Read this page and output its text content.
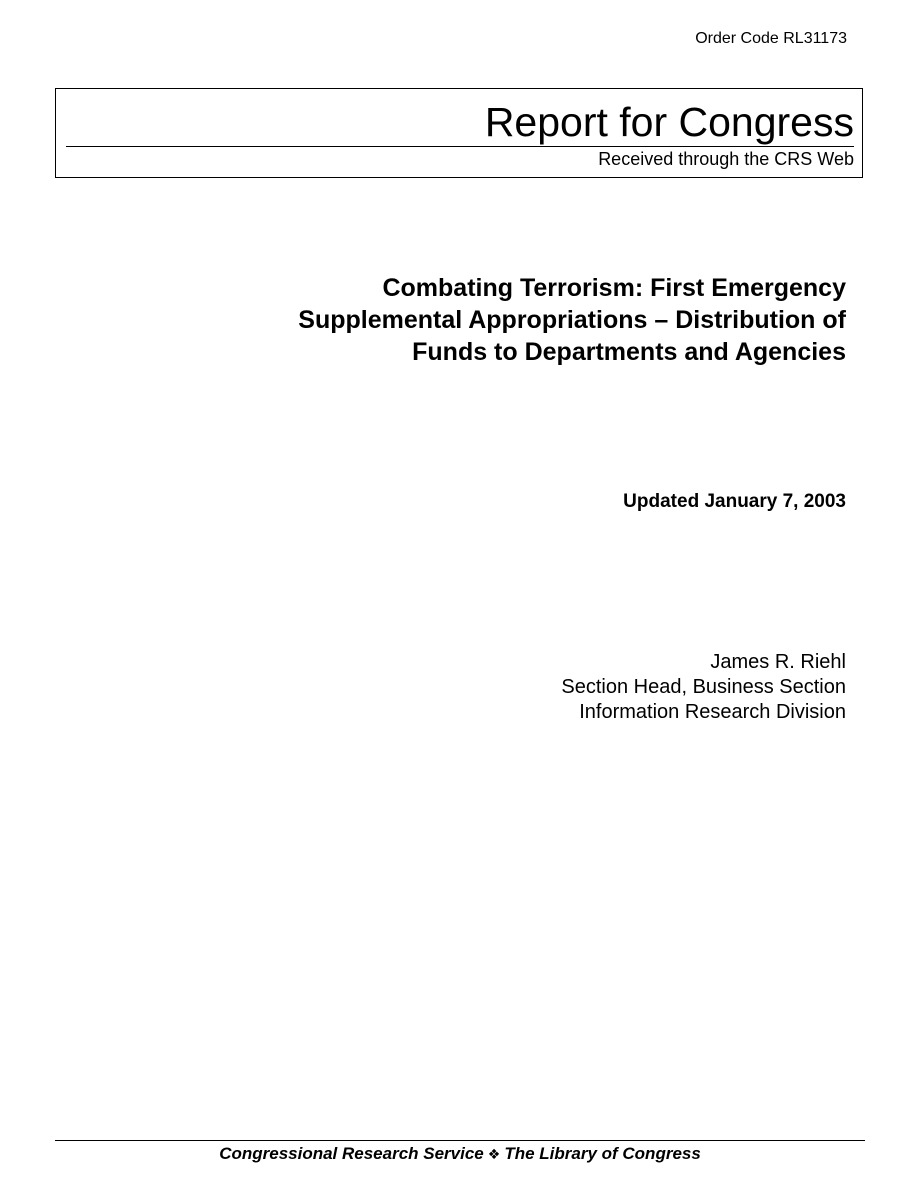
Order Code RL31173
Report for Congress
Received through the CRS Web
Combating Terrorism: First Emergency
Supplemental Appropriations – Distribution of
Funds to Departments and Agencies
Updated January 7, 2003
James R. Riehl
Section Head, Business Section
Information Research Division
Congressional Research Service ❖ The Library of Congress
